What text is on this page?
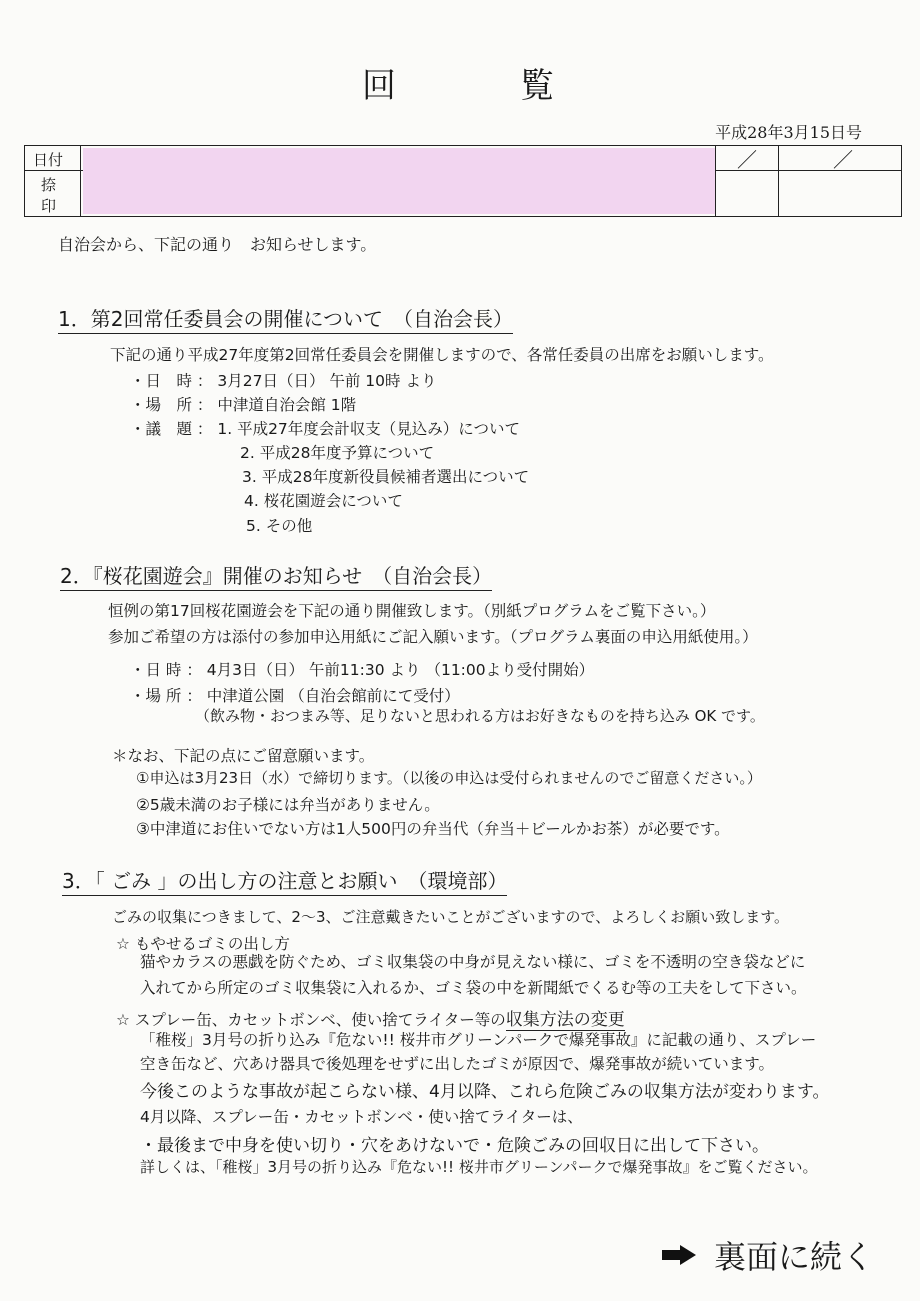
回	覧
平成28年3月15日号
日付
捺
印
／	／
自治会から、下記の通り　お知らせします。
1．第2回常任委員会の開催について　（自治会長）
下記の通り平成27年度第2回常任委員会を開催しますので、各常任委員の出席をお願いします。
・日　時 ： 3月27日（日） 午前 10時 より
・場　所 ： 中津道自治会館 1階
・議　題 ： 1. 平成27年度会計収支（見込み）について
2. 平成28年度予算について
3. 平成28年度新役員候補者選出について
4. 桜花園遊会について
5. その他
2．『桜花園遊会』開催のお知らせ　（自治会長）
恒例の第17回桜花園遊会を下記の通り開催致します。（別紙プログラムをご覧下さい。）
参加ご希望の方は添付の参加申込用紙にご記入願います。（プログラム裏面の申込用紙使用。）
・日 時 ： 4月3日（日） 午前11:30 より （11:00より受付開始）
・場 所 ： 中津道公園 （自治会館前にて受付）
（飲み物・おつまみ等、足りないと思われる方はお好きなものを持ち込み OK です。
＊なお、下記の点にご留意願います。
①申込は3月23日（水）で締切ります。（以後の申込は受付られませんのでご留意ください。）
②5歳未満のお子様には弁当がありません。
③中津道にお住いでない方は1人500円の弁当代（弁当＋ビールかお茶）が必要です。
3．「 ごみ 」の出し方の注意とお願い　（環境部）
ごみの収集につきまして、2～3、ご注意戴きたいことがございますので、よろしくお願い致します。
☆ もやせるゴミの出し方
猫やカラスの悪戯を防ぐため、ゴミ収集袋の中身が見えない様に、ゴミを不透明の空き袋などに
入れてから所定のゴミ収集袋に入れるか、ゴミ袋の中を新聞紙でくるむ等の工夫をして下さい。
☆ スプレー缶、カセットボンベ、使い捨てライター等の収集方法の変更
「稚桜」3月号の折り込み『危ない!! 桜井市グリーンパークで爆発事故』に記載の通り、スプレー
空き缶など、穴あけ器具で後処理をせずに出したゴミが原因で、爆発事故が続いています。
今後このような事故が起こらない様、4月以降、これら危険ごみの収集方法が変わります。
4月以降、スプレー缶・カセットボンベ・使い捨てライターは、
・最後まで中身を使い切り・穴をあけないで・危険ごみの回収日に出して下さい。
詳しくは、「稚桜」3月号の折り込み『危ない!! 桜井市グリーンパークで爆発事故』をご覧ください。
裏面に続く
